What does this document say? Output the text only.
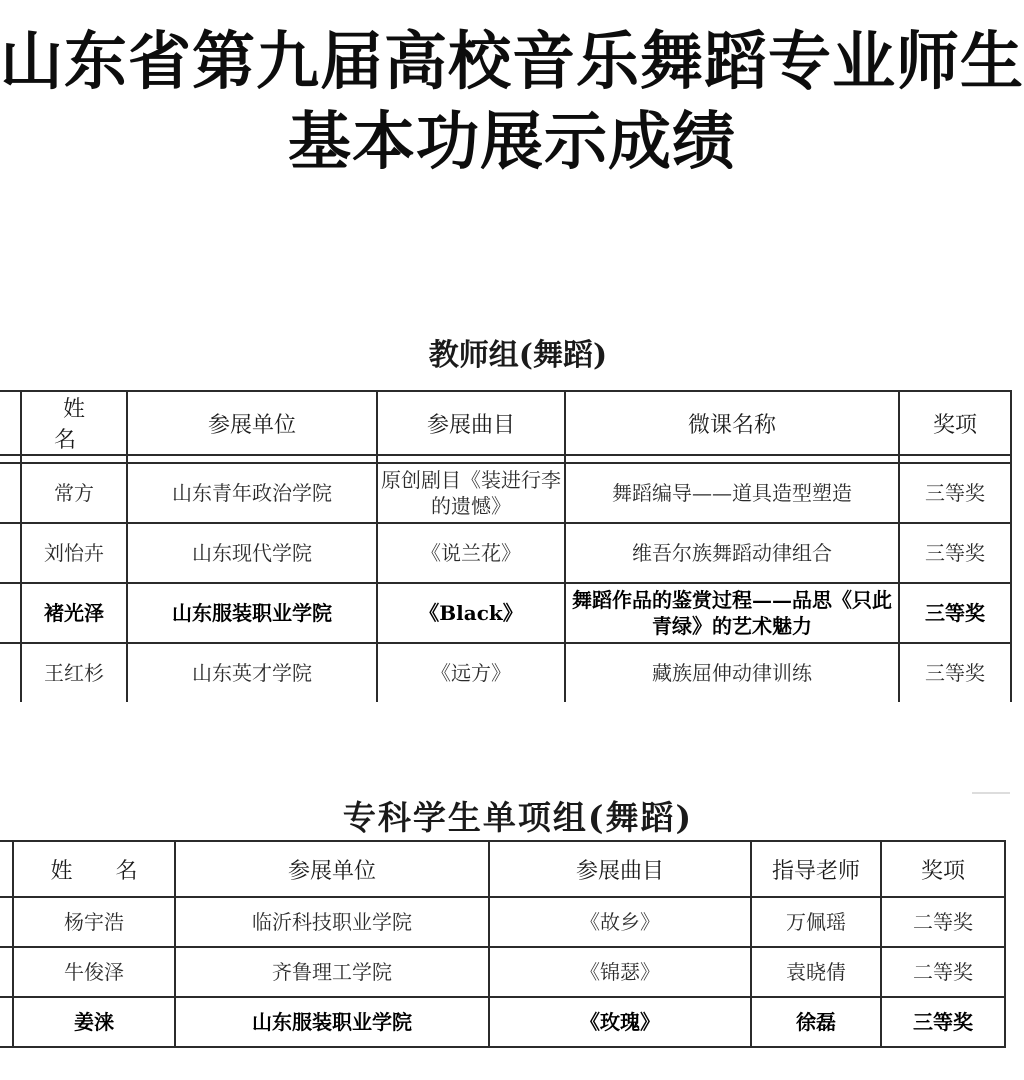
山东省第九届高校音乐舞蹈专业师生
基本功展示成绩
教师组(舞蹈)
	姓 名	参展单位	参展曲目	微课名称	奖项

	常方	山东青年政治学院	原创剧目《装进行李的遗憾》	舞蹈编导——道具造型塑造	三等奖
	刘怡卉	山东现代学院	《说兰花》	维吾尔族舞蹈动律组合	三等奖
	褚光泽	山东服装职业学院	《Black》	舞蹈作品的鉴赏过程——品思《只此青绿》的艺术魅力	三等奖
	王红杉	山东英才学院	《远方》	藏族屈伸动律训练	三等奖
专科学生单项组(舞蹈)
	姓 名	参展单位	参展曲目	指导老师	奖项
	杨宇浩	临沂科技职业学院	《故乡》	万佩瑶	二等奖
	牛俊泽	齐鲁理工学院	《锦瑟》	袁晓倩	二等奖
	姜涞	山东服装职业学院	《玫瑰》	徐磊	三等奖
